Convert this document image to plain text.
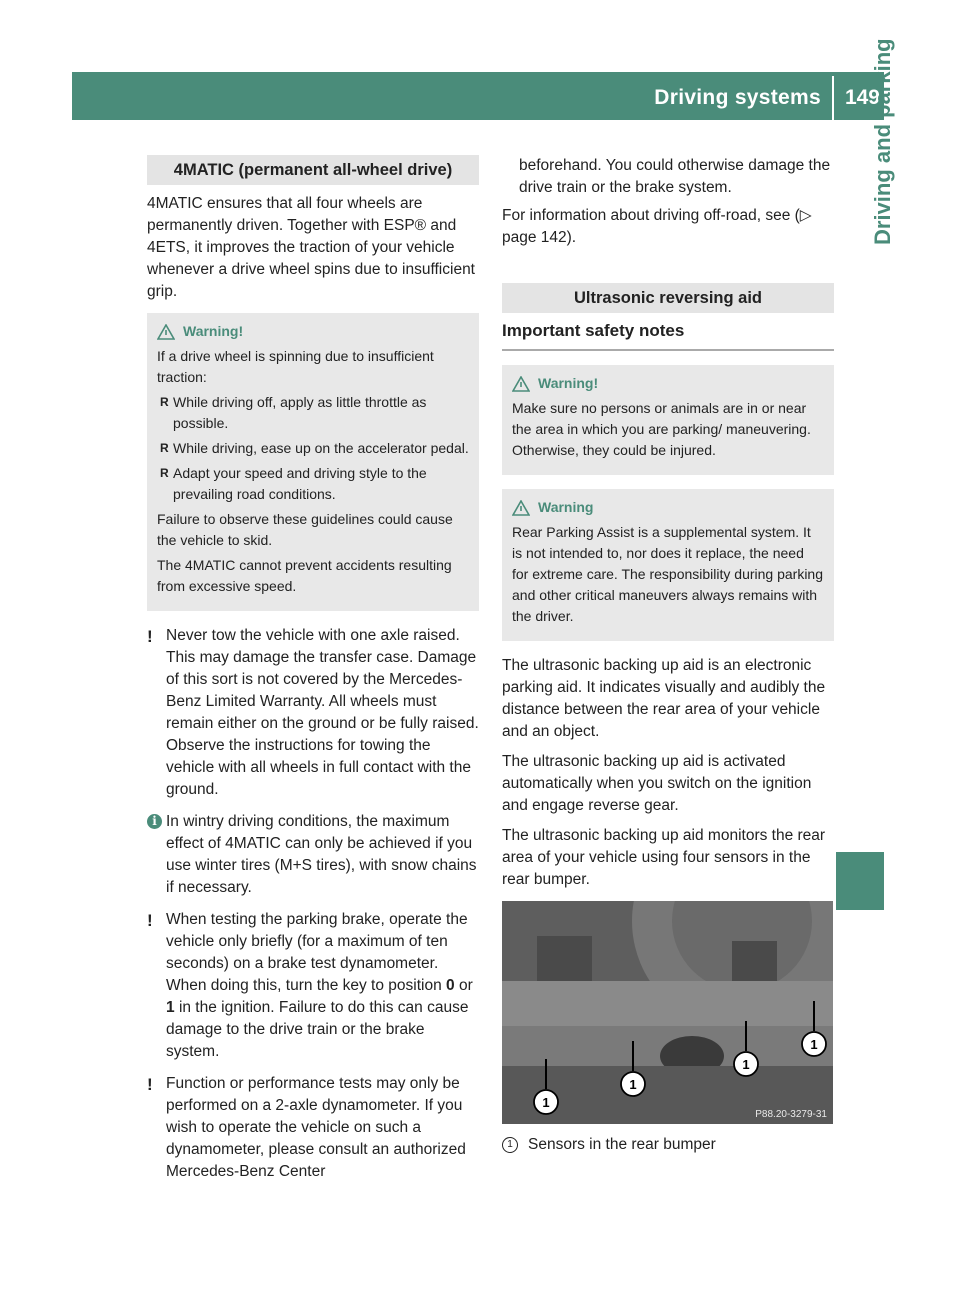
Driving systems 149
Driving and parking
4MATIC (permanent all-wheel drive)

4MATIC ensures that all four wheels are permanently driven. Together with ESP® and 4ETS, it improves the traction of your vehicle whenever a drive wheel spins due to insufficient grip.

Warning!
If a drive wheel is spinning due to insufficient traction:
R While driving off, apply as little throttle as possible.
R While driving, ease up on the accelerator pedal.
R Adapt your speed and driving style to the prevailing road conditions.
Failure to observe these guidelines could cause the vehicle to skid.
The 4MATIC cannot prevent accidents resulting from excessive speed.
! Never tow the vehicle with one axle raised. This may damage the transfer case. Damage of this sort is not covered by the Mercedes-Benz Limited Warranty. All wheels must remain either on the ground or be fully raised. Observe the instructions for towing the vehicle with all wheels in full contact with the ground.
i In wintry driving conditions, the maximum effect of 4MATIC can only be achieved if you use winter tires (M+S tires), with snow chains if necessary.
! When testing the parking brake, operate the vehicle only briefly (for a maximum of ten seconds) on a brake test dynamometer. When doing this, turn the key to position 0 or 1 in the ignition. Failure to do this can cause damage to the drive train or the brake system.
! Function or performance tests may only be performed on a 2-axle dynamometer. If you wish to operate the vehicle on such a dynamometer, please consult an authorized Mercedes-Benz Center

beforehand. You could otherwise damage the drive train or the brake system.

For information about driving off-road, see (▷ page 142).

Ultrasonic reversing aid
Important safety notes
Warning!
Make sure no persons or animals are in or near the area in which you are parking/ maneuvering. Otherwise, they could be injured.
Warning
Rear Parking Assist is a supplemental system. It is not intended to, nor does it replace, the need for extreme care. The responsibility during parking and other critical maneuvers always remains with the driver.

The ultrasonic backing up aid is an electronic parking aid. It indicates visually and audibly the distance between the rear area of your vehicle and an object.

The ultrasonic backing up aid is activated automatically when you switch on the ignition and engage reverse gear.

The ultrasonic backing up aid monitors the rear area of your vehicle using four sensors in the rear bumper.

1
1
1
1
P88.20-3279-31
1 Sensors in the rear bumper
